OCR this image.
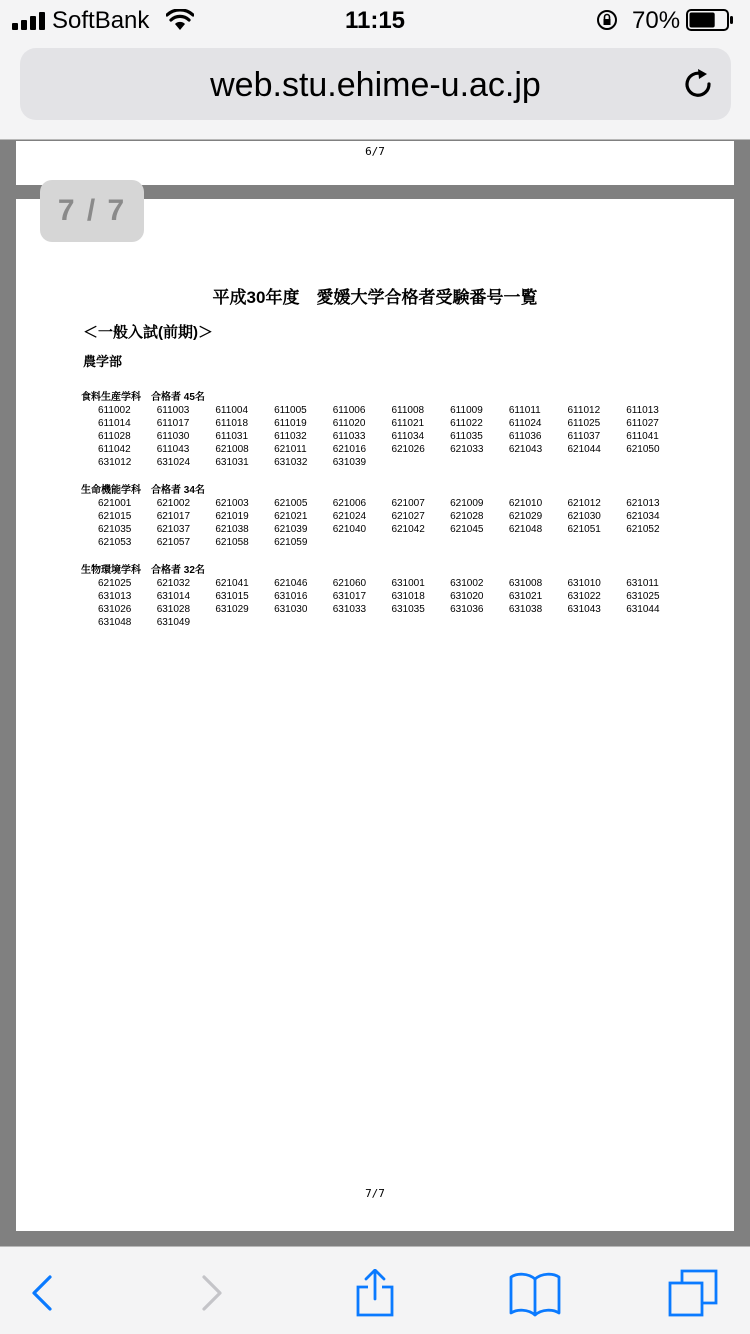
SoftBank	11:15	70%
web.stu.ehime-u.ac.jp
6/7
平成30年度　愛媛大学合格者受験番号一覧
＜一般入試(前期)＞
農学部
食料生産学科 合格者 45名
611002	611003	611004	611005	611006	611008	611009	611011	611012	611013
611014	611017	611018	611019	611020	611021	611022	611024	611025	611027
611028	611030	611031	611032	611033	611034	611035	611036	611037	611041
611042	611043	621008	621011	621016	621026	621033	621043	621044	621050
631012	631024	631031	631032	631039
生命機能学科 合格者 34名
621001	621002	621003	621005	621006	621007	621009	621010	621012	621013
621015	621017	621019	621021	621024	621027	621028	621029	621030	621034
621035	621037	621038	621039	621040	621042	621045	621048	621051	621052
621053	621057	621058	621059
生物環境学科 合格者 32名
621025	621032	621041	621046	621060	631001	631002	631008	631010	631011
631013	631014	631015	631016	631017	631018	631020	631021	631022	631025
631026	631028	631029	631030	631033	631035	631036	631038	631043	631044
631048	631049
7/7
7 / 7
